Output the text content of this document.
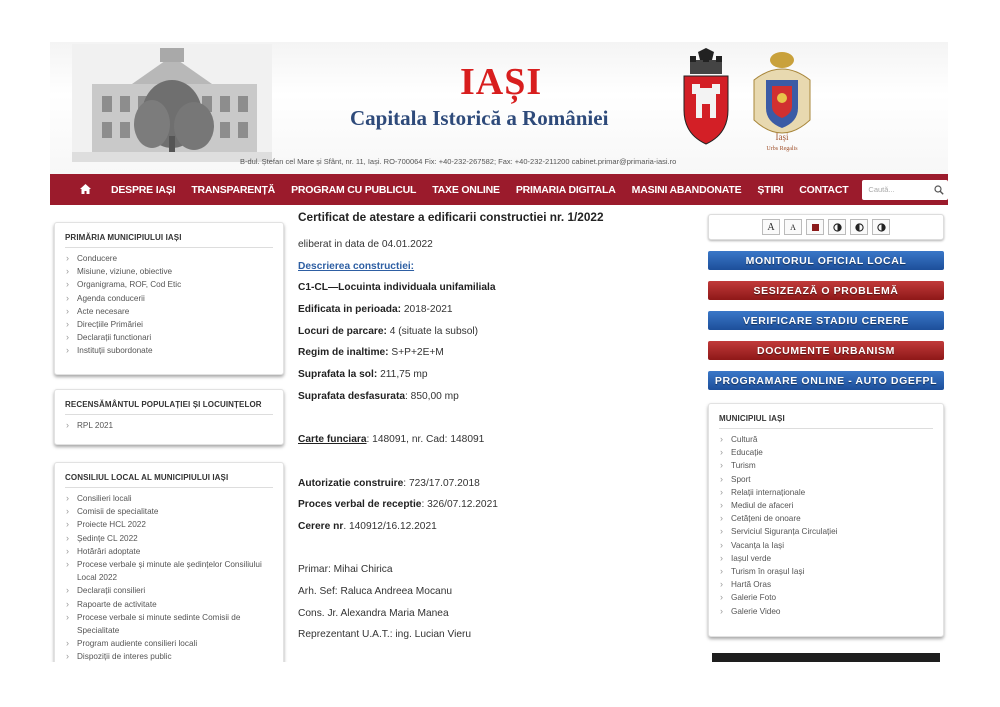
IAȘI
Capitala Istorică a României
Iași
Urbs Regalis
B-dul. Ștefan cel Mare și Sfânt, nr. 11, Iași. RO-700064 Fix: +40-232-267582; Fax: +40-232-211200 cabinet.primar@primaria-iasi.ro
DESPRE IAȘI	TRANSPARENȚĂ	PROGRAM CU PUBLICUL	TAXE ONLINE	PRIMARIA DIGITALA	MASINI ABANDONATE	ȘTIRI	CONTACT	Caută...
PRIMĂRIA MUNICIPIULUI IAȘI
› Conducere
› Misiune, viziune, obiective
› Organigrama, ROF, Cod Etic
› Agenda conducerii
› Acte necesare
› Direcțiile Primăriei
› Declarații functionari
› Instituții subordonate
RECENSĂMÂNTUL POPULAȚIEI ȘI LOCUINȚELOR
› RPL 2021
CONSILIUL LOCAL AL MUNICIPIULUI IAȘI
› Consilieri locali
› Comisii de specialitate
› Proiecte HCL 2022
› Ședințe CL 2022
› Hotărâri adoptate
› Procese verbale și minute ale ședințelor Consiliului Local 2022
› Declarații consilieri
› Rapoarte de activitate
› Procese verbale si minute sedinte Comisii de Specialitate
› Program audiente consilieri locali
› Dispoziții de interes public
Certificat de atestare a edificarii constructiei nr. 1/2022
eliberat in data de 04.01.2022
Descrierea constructiei:
C1-CL—Locuinta individuala unifamiliala
Edificata in perioada: 2018-2021
Locuri de parcare: 4 (situate la subsol)
Regim de inaltime: S+P+2E+M
Suprafata la sol: 211,75 mp
Suprafata desfasurata: 850,00 mp
Carte funciara: 148091, nr. Cad: 148091
Autorizatie construire: 723/17.07.2018
Proces verbal de receptie: 326/07.12.2021
Cerere nr. 140912/16.12.2021
Primar: Mihai Chirica
Arh. Sef: Raluca Andreea Mocanu
Cons. Jr. Alexandra Maria Manea
Reprezentant U.A.T.: ing. Lucian Vieru
A	A
MONITORUL OFICIAL LOCAL
SESIZEAZĂ O PROBLEMĂ
VERIFICARE STADIU CERERE
DOCUMENTE URBANISM
PROGRAMARE ONLINE - AUTO DGEFPL
MUNICIPIUL IAȘI
› Cultură
› Educație
› Turism
› Sport
› Relații internaționale
› Mediul de afaceri
› Cetățeni de onoare
› Serviciul Siguranța Circulației
› Vacanța la Iași
› Iașul verde
› Turism în orașul Iași
› Hartă Oras
› Galerie Foto
› Galerie Video
